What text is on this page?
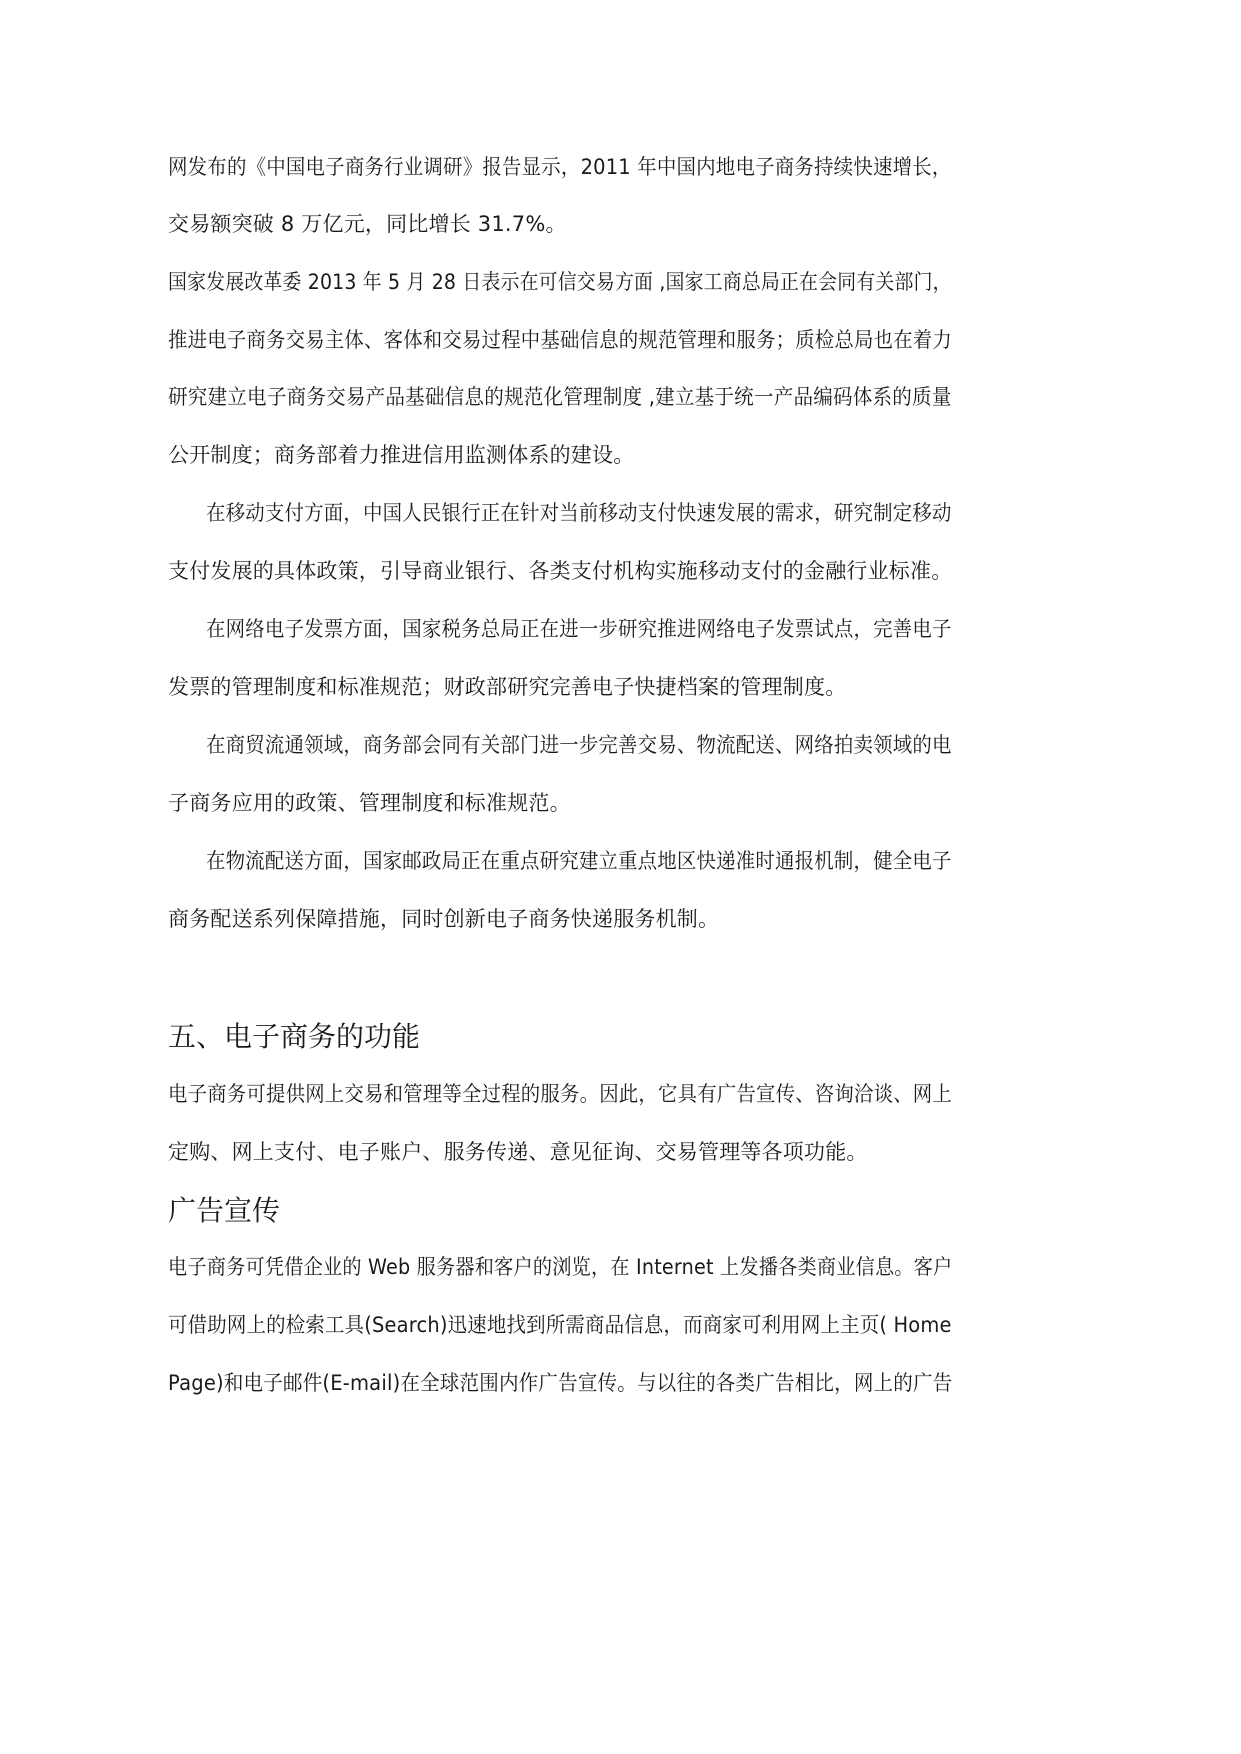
网发布的《中国电子商务行业调研》报告显示，2011 年中国内地电子商务持续快速增长，
交易额突破 8 万亿元，同比增长 31.7%。
国家发展改革委 2013 年 5 月 28 日表示在可信交易方面 ,国家工商总局正在会同有关部门，
推进电子商务交易主体、客体和交易过程中基础信息的规范管理和服务；质检总局也在着力
研究建立电子商务交易产品基础信息的规范化管理制度 ,建立基于统一产品编码体系的质量
公开制度；商务部着力推进信用监测体系的建设。
在移动支付方面，中国人民银行正在针对当前移动支付快速发展的需求，研究制定移动
支付发展的具体政策，引导商业银行、各类支付机构实施移动支付的金融行业标准。
在网络电子发票方面，国家税务总局正在进一步研究推进网络电子发票试点，完善电子
发票的管理制度和标准规范；财政部研究完善电子快捷档案的管理制度。
在商贸流通领域，商务部会同有关部门进一步完善交易、物流配送、网络拍卖领域的电
子商务应用的政策、管理制度和标准规范。
在物流配送方面，国家邮政局正在重点研究建立重点地区快递准时通报机制，健全电子
商务配送系列保障措施，同时创新电子商务快递服务机制。
五、电子商务的功能
电子商务可提供网上交易和管理等全过程的服务。因此，它具有广告宣传、咨询洽谈、网上
定购、网上支付、电子账户、服务传递、意见征询、交易管理等各项功能。
广告宣传
电子商务可凭借企业的 Web 服务器和客户的浏览，在 Internet 上发播各类商业信息。客户
可借助网上的检索工具(Search)迅速地找到所需商品信息，而商家可利用网上主页( Home
Page)和电子邮件(E-mail)在全球范围内作广告宣传。与以往的各类广告相比，网上的广告
